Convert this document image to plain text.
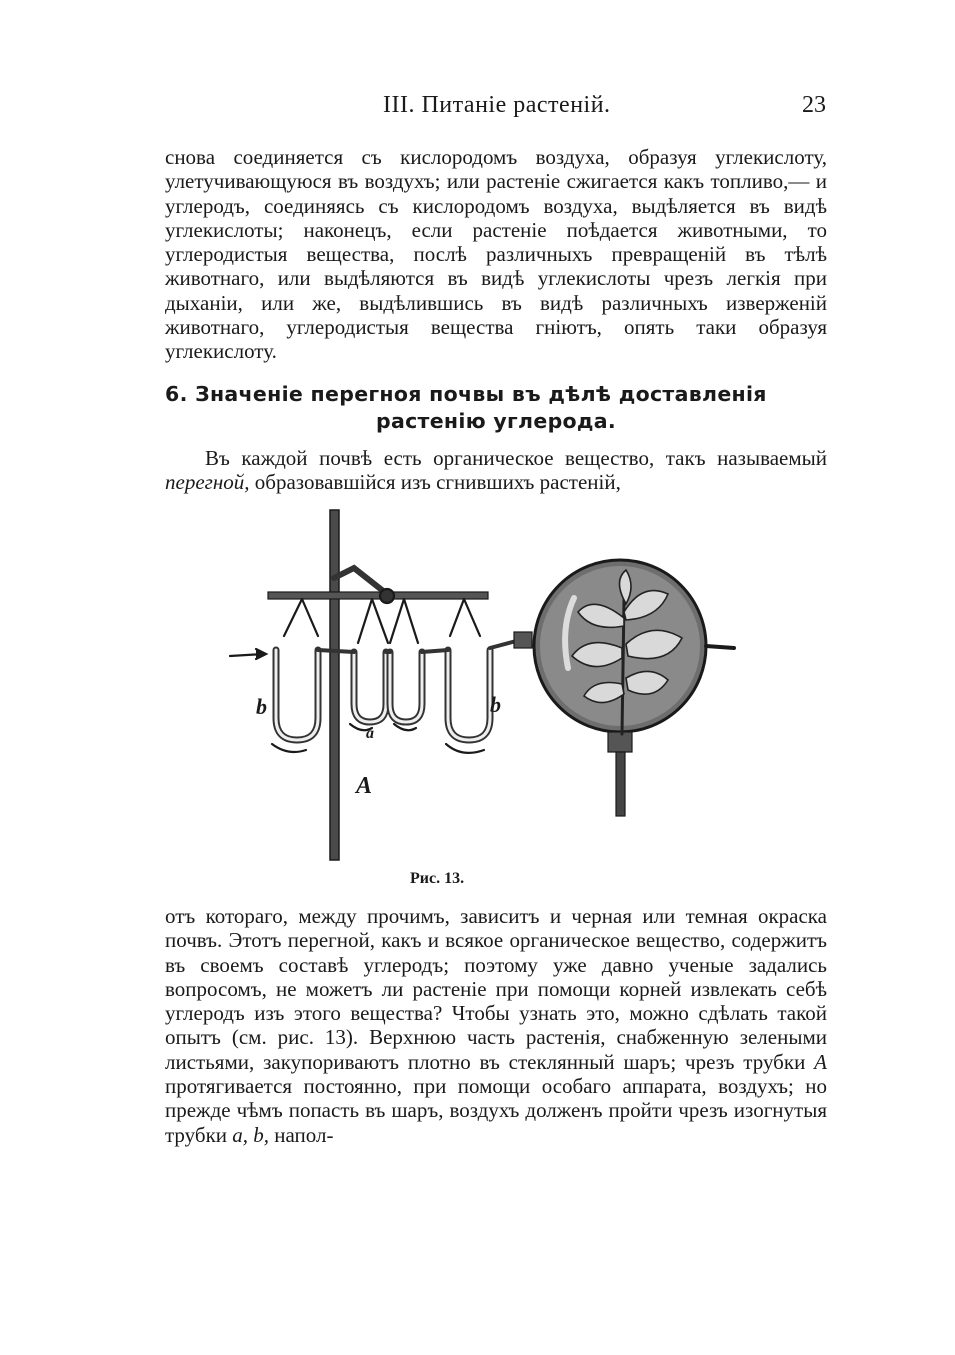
III. Питаніе растеній.	23

снова соединяется съ кислородомъ воздуха, образуя углекислоту, улетучивающуюся въ воздухъ; или растеніе сжигается какъ топливо,— и углеродъ, соединяясь съ кислородомъ воздуха, выдѣляется въ видѣ углекислоты; наконецъ, если растеніе поѣдается животными, то углеродистыя вещества, послѣ различныхъ превращеній въ тѣлѣ животнаго, или выдѣляются въ видѣ углекислоты чрезъ легкія при дыханіи, или же, выдѣлившись въ видѣ различныхъ изверженій животнаго, углеродистыя вещества гніютъ, опять таки образуя углекислоту.

6. Значеніе перегноя почвы въ дѣлѣ доставленія
растенію углерода.

Въ каждой почвѣ есть органическое вещество, такъ называемый перегной, образовавшійся изъ сгнившихъ растеній,

b
a
b
A
Рис. 13.

отъ котораго, между прочимъ, зависитъ и черная или темная окраска почвъ. Этотъ перегной, какъ и всякое органическое вещество, содержитъ въ своемъ составѣ углеродъ; поэтому уже давно ученые задались вопросомъ, не можетъ ли растеніе при помощи корней извлекать себѣ углеродъ изъ этого вещества? Чтобы узнать это, можно сдѣлать такой опытъ (см. рис. 13). Верхнюю часть растенія, снабженную зелеными листьями, закупориваютъ плотно въ стеклянный шаръ; чрезъ трубки A протягивается постоянно, при помощи особаго аппарата, воздухъ; но прежде чѣмъ попасть въ шаръ, воздухъ долженъ пройти чрезъ изогнутыя трубки a, b, напол-
